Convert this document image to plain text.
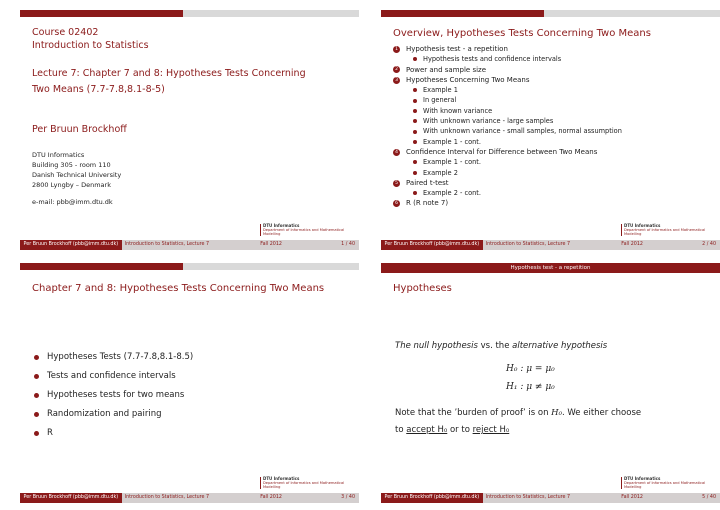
Course 02402
Introduction to Statistics
Lecture 7: Chapter 7 and 8: Hypotheses Tests Concerning
Two Means (7.7-7.8,8.1-8-5)
Per Bruun Brockhoff
DTU Informatics
Building 305 - room 110
Danish Technical University
2800 Lyngby – Denmark
e-mail: pbb@imm.dtu.dk
DTU Informatics
Department of Informatics and Mathematical Modelling
Per Bruun Brockhoff (pbb@imm.dtu.dk)	Introduction to Statistics, Lecture 7	Fall 2012	1 / 40
Overview, Hypotheses Tests Concerning Two Means
1 Hypothesis test - a repetition
Hypothesis tests and confidence intervals
2 Power and sample size
3 Hypotheses Concerning Two Means
Example 1
In general
With known variance
With unknown variance - large samples
With unknown variance - small samples, normal assumption
Example 1 - cont.
4 Confidence Interval for Difference between Two Means
Example 1 - cont.
Example 2
5 Paired t-test
Example 2 - cont.
6 R (R note 7)
DTU Informatics
Department of Informatics and Mathematical Modelling
Per Bruun Brockhoff (pbb@imm.dtu.dk)	Introduction to Statistics, Lecture 7	Fall 2012	2 / 40
Chapter 7 and 8: Hypotheses Tests Concerning Two Means
Hypotheses Tests (7.7-7.8,8.1-8.5)
Tests and confidence intervals
Hypotheses tests for two means
Randomization and pairing
R
DTU Informatics
Department of Informatics and Mathematical Modelling
Per Bruun Brockhoff (pbb@imm.dtu.dk)	Introduction to Statistics, Lecture 7	Fall 2012	3 / 40
Hypothesis test - a repetition
Hypotheses
The null hypothesis vs. the alternative hypothesis
H₀ : μ = μ₀
H₁ : μ ≠ μ₀
Note that the ’burden of proof’ is on H₀. We either choose
to accept H₀ or to reject H₀
DTU Informatics
Department of Informatics and Mathematical Modelling
Per Bruun Brockhoff (pbb@imm.dtu.dk)	Introduction to Statistics, Lecture 7	Fall 2012	5 / 40
